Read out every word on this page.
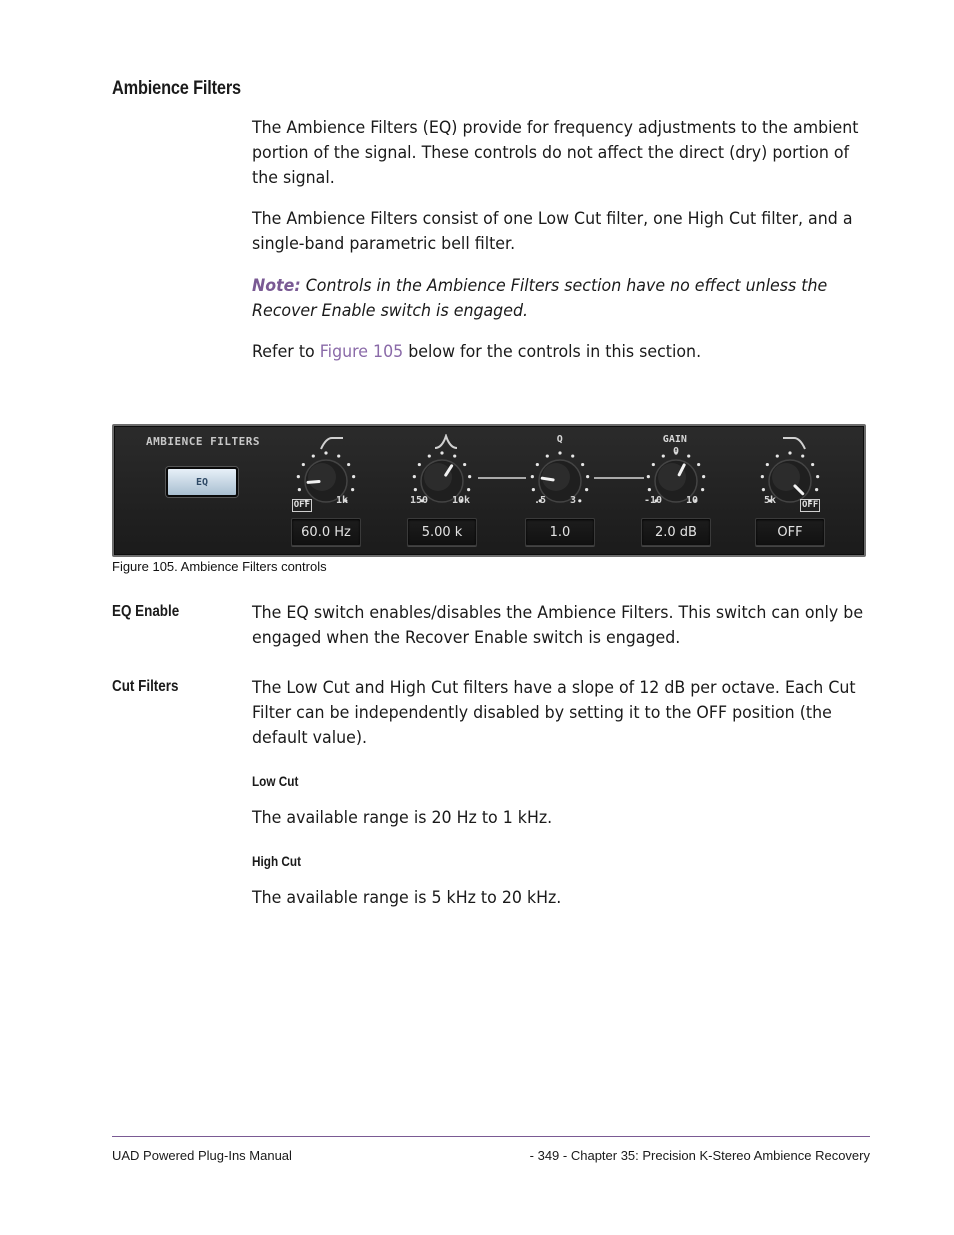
Ambience Filters

The Ambience Filters (EQ) provide for frequency adjustments to the ambient portion of the signal. These controls do not affect the direct (dry) portion of the signal.

The Ambience Filters consist of one Low Cut filter, one High Cut filter, and a single-band parametric bell filter.

Note: Controls in the Ambience Filters section have no effect unless the Recover Enable switch is engaged.

Refer to Figure 105 below for the controls in this section.

AMBIENCE FILTERS
EQ
OFF	1k
60.0 Hz
150 10k
5.00 k
Q
.5 3
1.0
GAIN
0
-10 10
2.0 dB
5k	OFF
OFF

Figure 105. Ambience Filters controls

EQ Enable	The EQ switch enables/disables the Ambience Filters. This switch can only be engaged when the Recover Enable switch is engaged.

Cut Filters	The Low Cut and High Cut filters have a slope of 12 dB per octave. Each Cut Filter can be independently disabled by setting it to the OFF position (the default value).

Low Cut

The available range is 20 Hz to 1 kHz.

High Cut

The available range is 5 kHz to 20 kHz.

UAD Powered Plug-Ins Manual	- 349 - Chapter 35: Precision K-Stereo Ambience Recovery
